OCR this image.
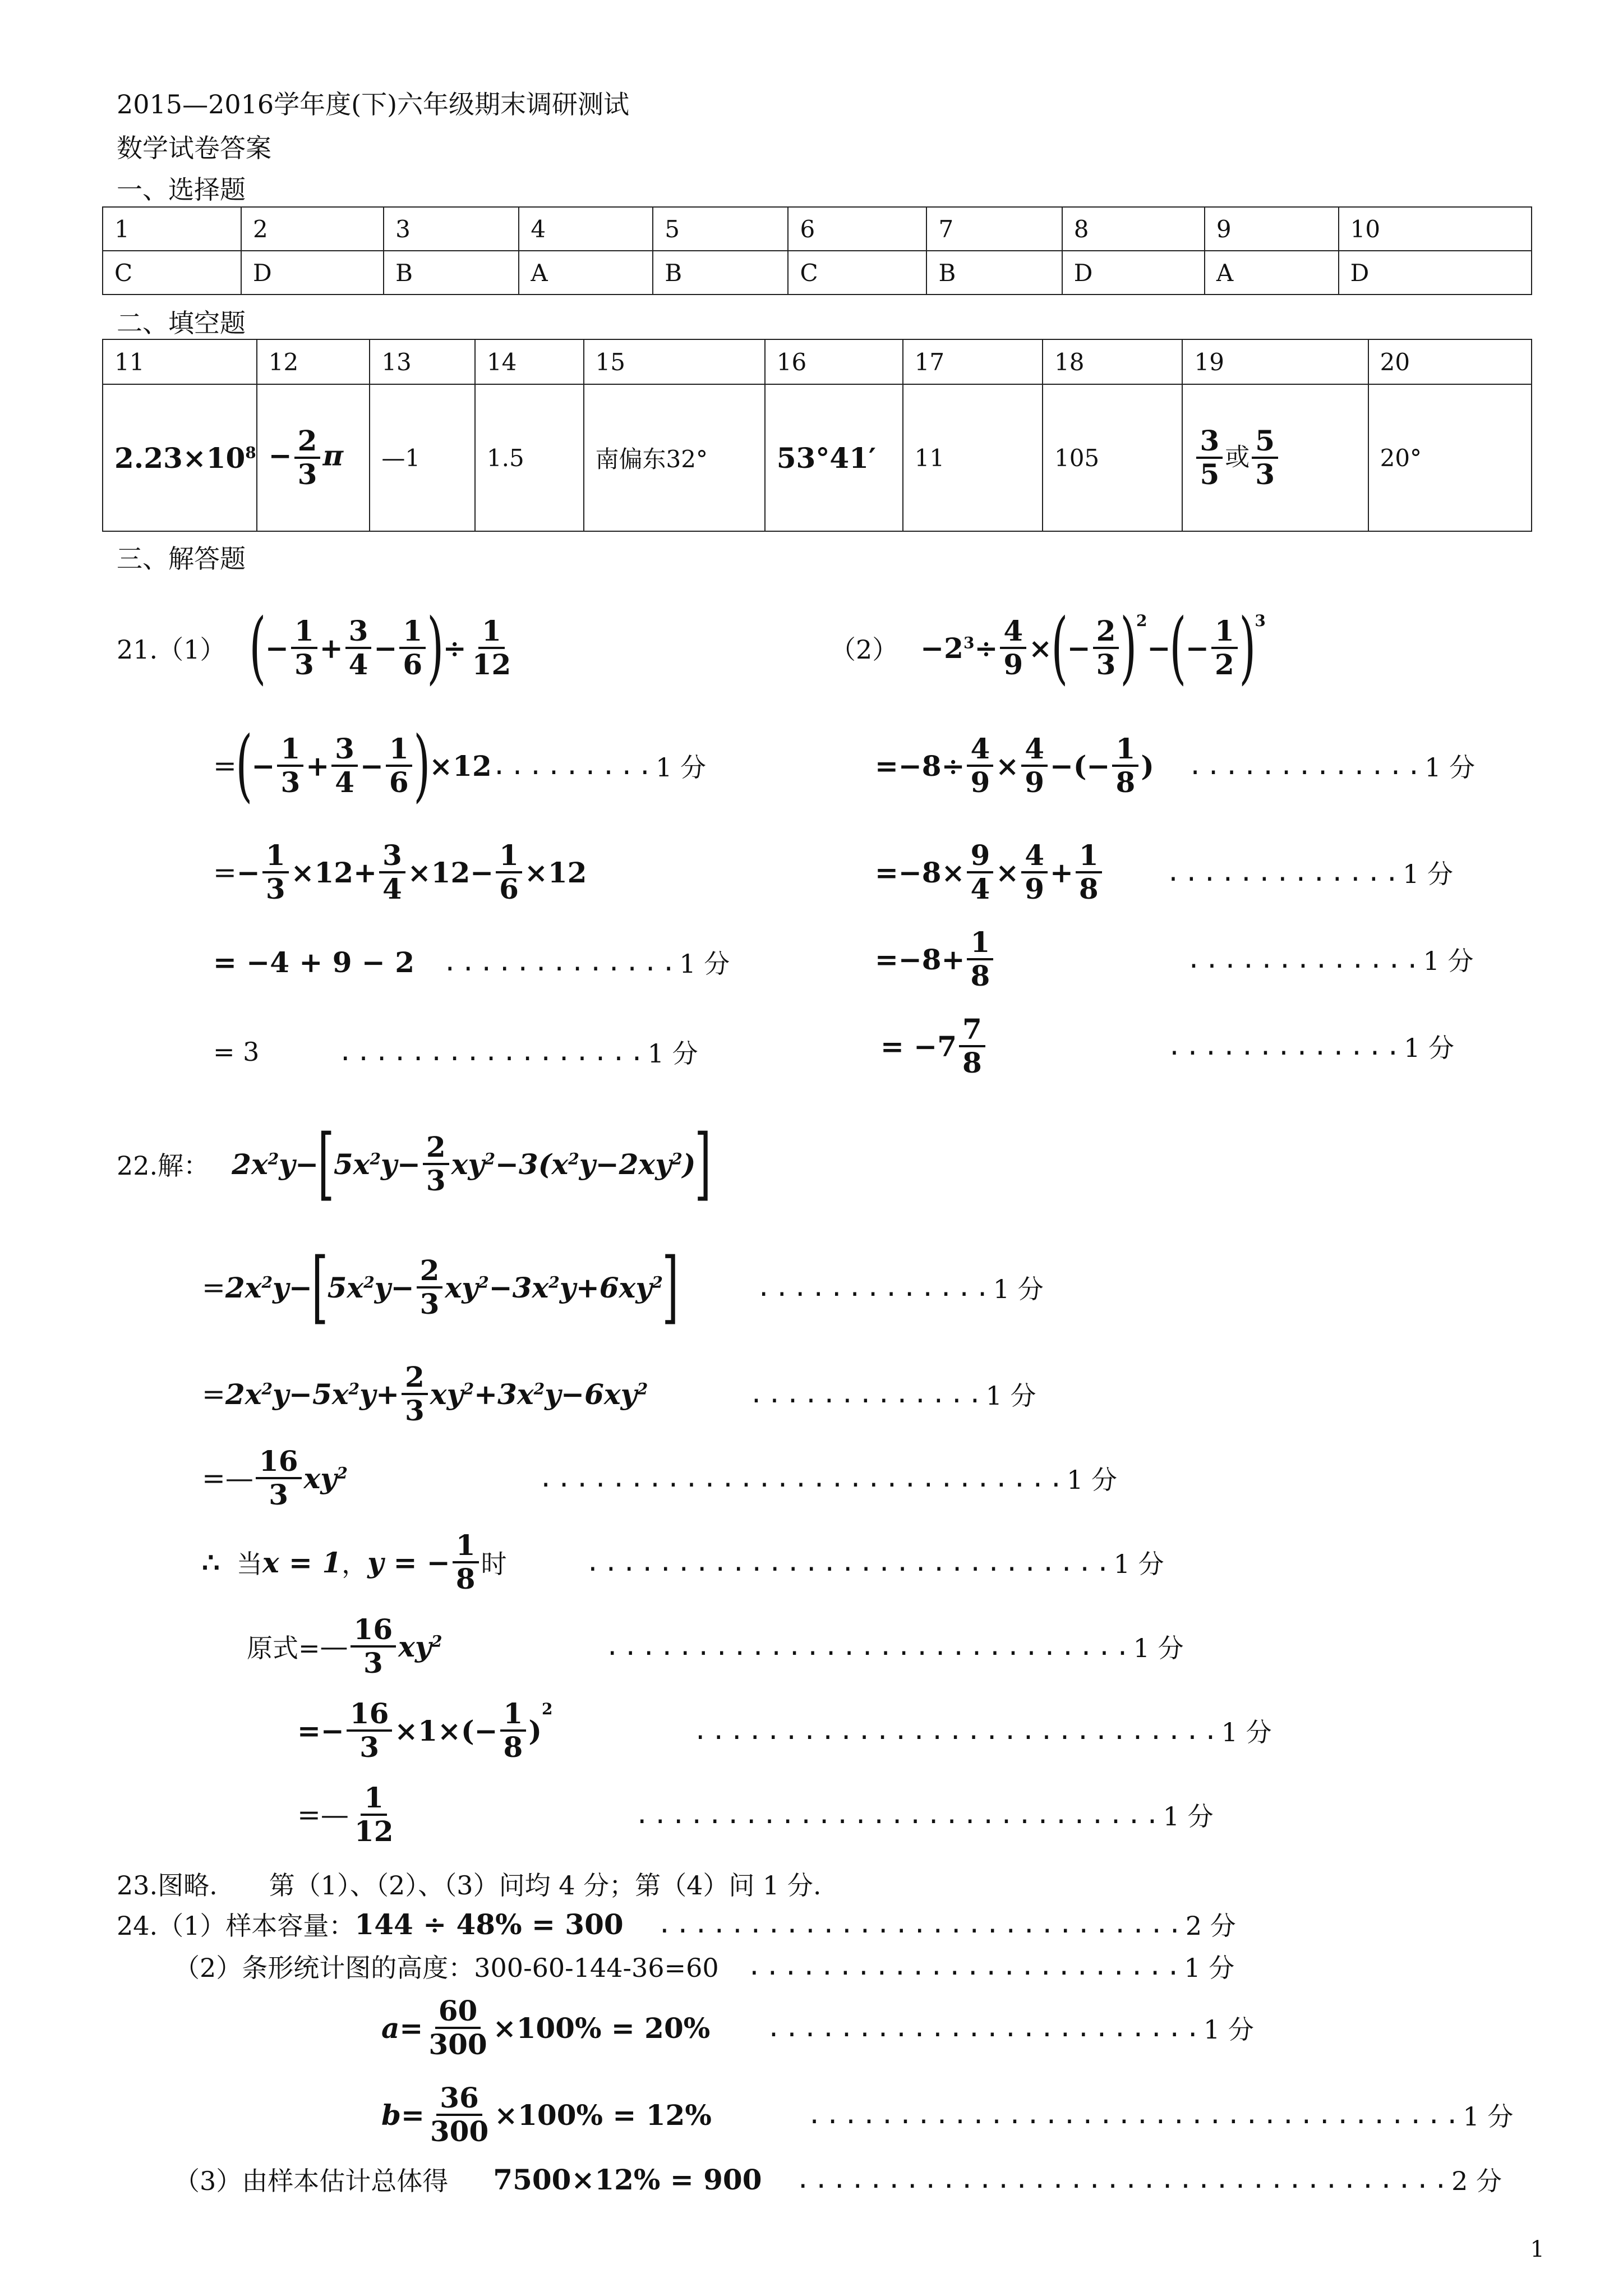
2015—2016学年度(下)六年级期末调研测试
数学试卷答案
一、选择题
1	2	3	4	5	6	7	8	9	10
C	D	B	A	B	C	B	D	A	D
二、填空题
11	12	13	14	15	16	17	18	19	20
$2.23\times 10^8$	− $\frac{2}{3}$ π	—1	1.5	南偏东32°	53°41′	11	105	$\frac{3}{5}$ 或 $\frac{5}{3}$	20°
三、解答题
21.（1） (
− $\frac{1}{3} + \frac{3}{4} - \frac{1}{6}$ )
÷ $\frac{1}{12}$
=
(
− $\frac{1}{3} + \frac{3}{4} - \frac{1}{6}$ )
×12 ......... 1 分
= − $\frac{1}{3} \times 12+ \frac{3}{4} \times 12- \frac{1}{6} \times 12$
= −4 + 9 − 2 ............. 1 分
= 3	................. 1 分
$(2) -2^3\div \frac{4}{9}$ ×
(
− $\frac{2}{3}$ )
2
−
(
− $\frac{1}{2}$ )
3
$=-8\div \frac{4}{9} \times \frac{4}{9}$ −(− $\frac{1}{8}$ ) ............. 1 分
$=-8\times \frac{9}{4} \times \frac{4}{9} + \frac{1}{8}$	............. 1 分
$=-8+ \frac{1}{8}$	............. 1 分
= $-7 \frac{7}{8}$	............. 1 分
22.解： $2x^2y-$
[
$5x^2y- \frac{2}{3} xy^2-3(x^2y-2xy^2)$
]
= $2x^2y-$
[
$5x^2y- \frac{2}{3} xy^2-3x^2y+6xy^2$
]	............. 1 分
= $2x^2y-5x^2y+ \frac{2}{3} xy^2+3x^2y-6xy^2$	............. 1 分
=— $\frac{16}{3} xy^2$	............................. 1 分
∴ 当 x = 1 ， y = − $\frac{1}{8}$ 时	............................. 1 分
原式= — $\frac{16}{3} xy^2$	............................. 1 分
=− $\frac{16}{3} \times 1\times(- \frac{1}{8}$ )
2
............................. 1 分
=— $\frac{1}{12}$	............................. 1 分
23.图略.　　第（1）、（2）、（3）问均 4 分；第（4）问 1 分.
24.（1）样本容量： 144 ÷ 48% = 300 ............................. 2 分
（2）条形统计图的高度：300-60-144-36=60 ........................ 1 分
$a = \frac{60}{300} \times 100\% = 20\%$ ........................ 1 分
$b = \frac{36}{300} \times 100\% = 12\%$	.................................... 1 分
（3）由样本估计总体得 7500×12% = 900 .................................... 2 分
1
